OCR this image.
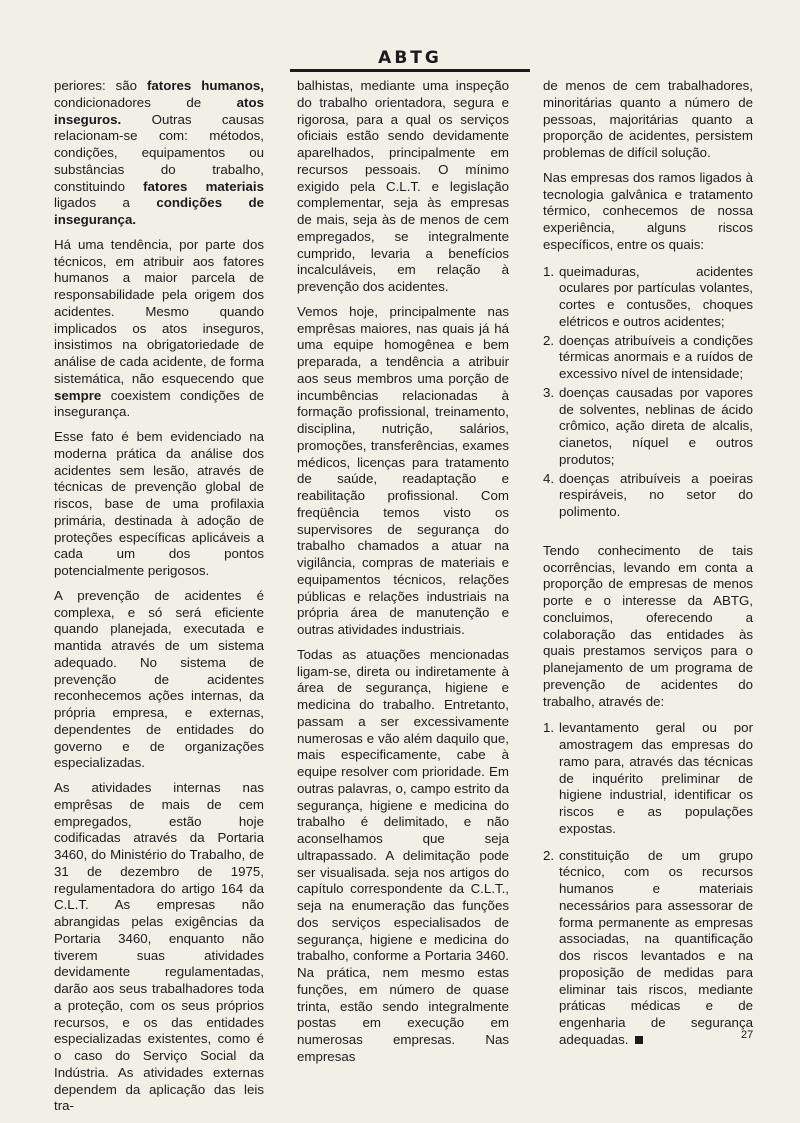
ABTG

periores: são fatores humanos, condicionadores de atos inseguros. Outras causas relacionam-se com: métodos, condições, equipamentos ou substâncias do trabalho, constituindo fatores materiais ligados a condições de insegurança.

Há uma tendência, por parte dos técnicos, em atribuir aos fatores humanos a maior parcela de responsabilidade pela origem dos acidentes. Mesmo quando implicados os atos inseguros, insistimos na obrigatoriedade de análise de cada acidente, de forma sistemática, não esquecendo que sempre coexistem condições de insegurança.

Esse fato é bem evidenciado na moderna prática da análise dos acidentes sem lesão, através de técnicas de prevenção global de riscos, base de uma profilaxia primária, destinada à adoção de proteções específicas aplicáveis a cada um dos pontos potencialmente perigosos.

A prevenção de acidentes é complexa, e só será eficiente quando planejada, executada e mantida através de um sistema adequado. No sistema de prevenção de acidentes reconhecemos ações internas, da própria empresa, e externas, dependentes de entidades do governo e de organizações especializadas.

As atividades internas nas emprêsas de mais de cem empregados, estão hoje codificadas através da Portaria 3460, do Ministério do Trabalho, de 31 de dezembro de 1975, regulamentadora do artigo 164 da C.L.T. As empresas não abrangidas pelas exigências da Portaria 3460, enquanto não tiverem suas atividades devidamente regulamentadas, darão aos seus trabalhadores toda a proteção, com os seus próprios recursos, e os das entidades especializadas existentes, como é o caso do Serviço Social da Indústria. As atividades externas dependem da aplicação das leis tra-

balhistas, mediante uma inspeção do trabalho orientadora, segura e rigorosa, para a qual os serviços oficiais estão sendo devidamente aparelhados, principalmente em recursos pessoais. O mínimo exigido pela C.L.T. e legislação complementar, seja às empresas de mais, seja às de menos de cem empregados, se integralmente cumprido, levaria a benefícios incalculáveis, em relação à prevenção dos acidentes.

Vemos hoje, principalmente nas emprêsas maiores, nas quais já há uma equipe homogênea e bem preparada, a tendência a atribuir aos seus membros uma porção de incumbências relacionadas à formação profissional, treinamento, disciplina, nutrição, salários, promoções, transferências, exames médicos, licenças para tratamento de saúde, readaptação e reabilitação profissional. Com freqüência temos visto os supervisores de segurança do trabalho chamados a atuar na vigilância, compras de materiais e equipamentos técnicos, relações públicas e relações industriais na própria área de manutenção e outras atividades industriais.

Todas as atuações mencionadas ligam-se, direta ou indiretamente à área de segurança, higiene e medicina do trabalho. Entretanto, passam a ser excessivamente numerosas e vão além daquilo que, mais especificamente, cabe à equipe resolver com prioridade. Em outras palavras, o, campo estrito da segurança, higiene e medicina do trabalho é delimitado, e não aconselhamos que seja ultrapassado. A delimitação pode ser visualisada. seja nos artigos do capítulo correspondente da C.L.T., seja na enumeração das funções dos serviços especialisados de segurança, higiene e medicina do trabalho, conforme a Portaria 3460. Na prática, nem mesmo estas funções, em número de quase trinta, estão sendo integralmente postas em execução em numerosas empresas. Nas empresas

de menos de cem trabalhadores, minoritárias quanto a número de pessoas, majoritárias quanto a proporção de acidentes, persistem problemas de difícil solução.

Nas empresas dos ramos ligados à tecnologia galvânica e tratamento térmico, conhecemos de nossa experiência, alguns riscos específicos, entre os quais:

1. queimaduras, acidentes oculares por partículas volantes, cortes e contusões, choques elétricos e outros acidentes;
2. doenças atribuíveis a condições térmicas anormais e a ruídos de excessivo nível de intensidade;
3. doenças causadas por vapores de solventes, neblinas de ácido crômico, ação direta de alcalis, cianetos, níquel e outros produtos;
4. doenças atribuíveis a poeiras respiráveis, no setor do polimento.

Tendo conhecimento de tais ocorrências, levando em conta a proporção de empresas de menos porte e o interesse da ABTG, concluimos, oferecendo a colaboração das entidades às quais prestamos serviços para o planejamento de um programa de prevenção de acidentes do trabalho, através de:

1. levantamento geral ou por amostragem das empresas do ramo para, através das técnicas de inquérito preliminar de higiene industrial, identificar os riscos e as populações expostas.
2. constituição de um grupo técnico, com os recursos humanos e materiais necessários para assessorar de forma permanente as empresas associadas, na quantificação dos riscos levantados e na proposição de medidas para eliminar tais riscos, mediante práticas médicas e de engenharia de segurança adequadas.	27
